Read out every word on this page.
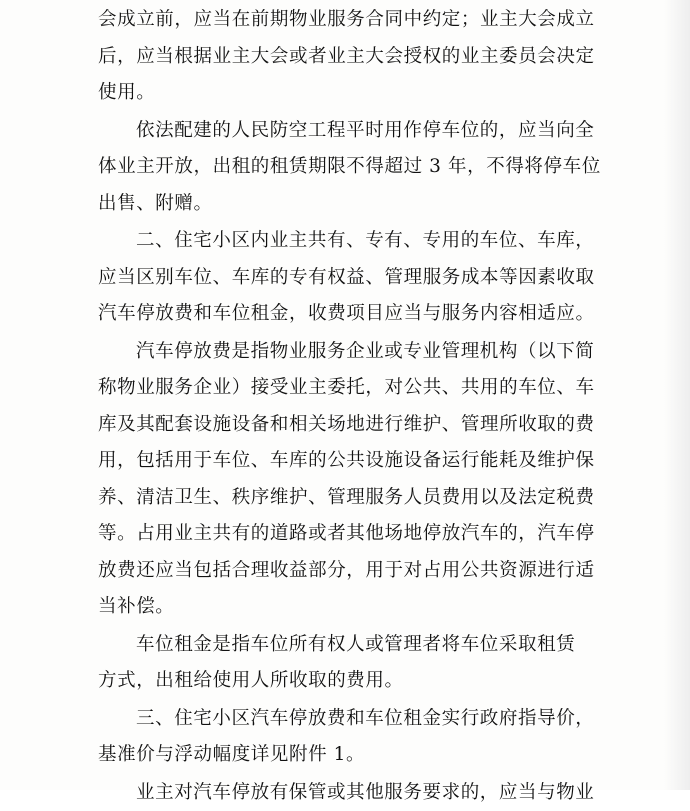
会成立前，应当在前期物业服务合同中约定；业主大会成立
后，应当根据业主大会或者业主大会授权的业主委员会决定
使用。
依法配建的人民防空工程平时用作停车位的，应当向全
体业主开放，出租的租赁期限不得超过 3 年，不得将停车位
出售、附赠。
二、住宅小区内业主共有、专有、专用的车位、车库，
应当区别车位、车库的专有权益、管理服务成本等因素收取
汽车停放费和车位租金，收费项目应当与服务内容相适应。
汽车停放费是指物业服务企业或专业管理机构（以下简
称物业服务企业）接受业主委托，对公共、共用的车位、车
库及其配套设施设备和相关场地进行维护、管理所收取的费
用，包括用于车位、车库的公共设施设备运行能耗及维护保
养、清洁卫生、秩序维护、管理服务人员费用以及法定税费
等。占用业主共有的道路或者其他场地停放汽车的，汽车停
放费还应当包括合理收益部分，用于对占用公共资源进行适
当补偿。
车位租金是指车位所有权人或管理者将车位采取租赁
方式，出租给使用人所收取的费用。
三、住宅小区汽车停放费和车位租金实行政府指导价，
基准价与浮动幅度详见附件 1。
业主对汽车停放有保管或其他服务要求的，应当与物业
